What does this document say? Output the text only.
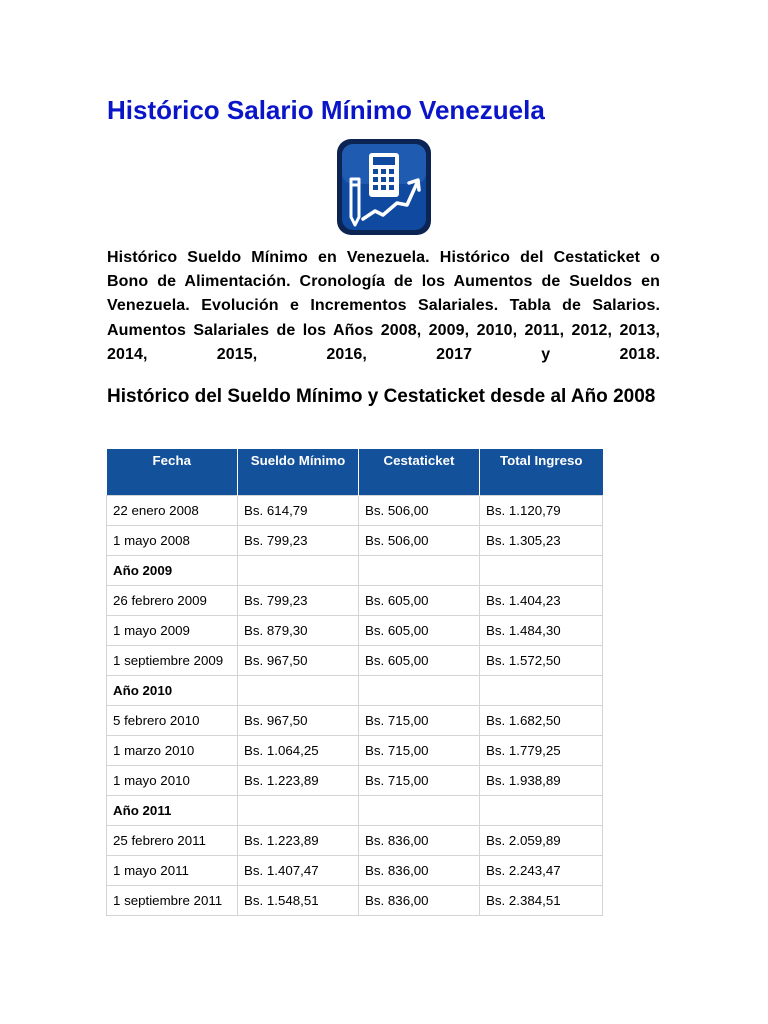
Histórico Salario Mínimo Venezuela

Histórico Sueldo Mínimo en Venezuela. Histórico del Cestaticket o Bono de Alimentación. Cronología de los Aumentos de Sueldos en Venezuela. Evolución e Incrementos Salariales. Tabla de Salarios. Aumentos Salariales de los Años 2008, 2009, 2010, 2011, 2012, 2013, 2014, 2015, 2016, 2017 y 2018.

Histórico del Sueldo Mínimo y Cestaticket desde al Año 2008
Fecha	Sueldo Mínimo	Cestaticket	Total Ingreso
22 enero 2008	Bs. 614,79	Bs. 506,00	Bs. 1.120,79
1 mayo 2008	Bs. 799,23	Bs. 506,00	Bs. 1.305,23
Año 2009			
26 febrero 2009	Bs. 799,23	Bs. 605,00	Bs. 1.404,23
1 mayo 2009	Bs. 879,30	Bs. 605,00	Bs. 1.484,30
1 septiembre 2009	Bs. 967,50	Bs. 605,00	Bs. 1.572,50
Año 2010			
5 febrero 2010	Bs. 967,50	Bs. 715,00	Bs. 1.682,50
1 marzo 2010	Bs. 1.064,25	Bs. 715,00	Bs. 1.779,25
1 mayo 2010	Bs. 1.223,89	Bs. 715,00	Bs. 1.938,89
Año 2011			
25 febrero 2011	Bs. 1.223,89	Bs. 836,00	Bs. 2.059,89
1 mayo 2011	Bs. 1.407,47	Bs. 836,00	Bs. 2.243,47
1 septiembre 2011	Bs. 1.548,51	Bs. 836,00	Bs. 2.384,51
